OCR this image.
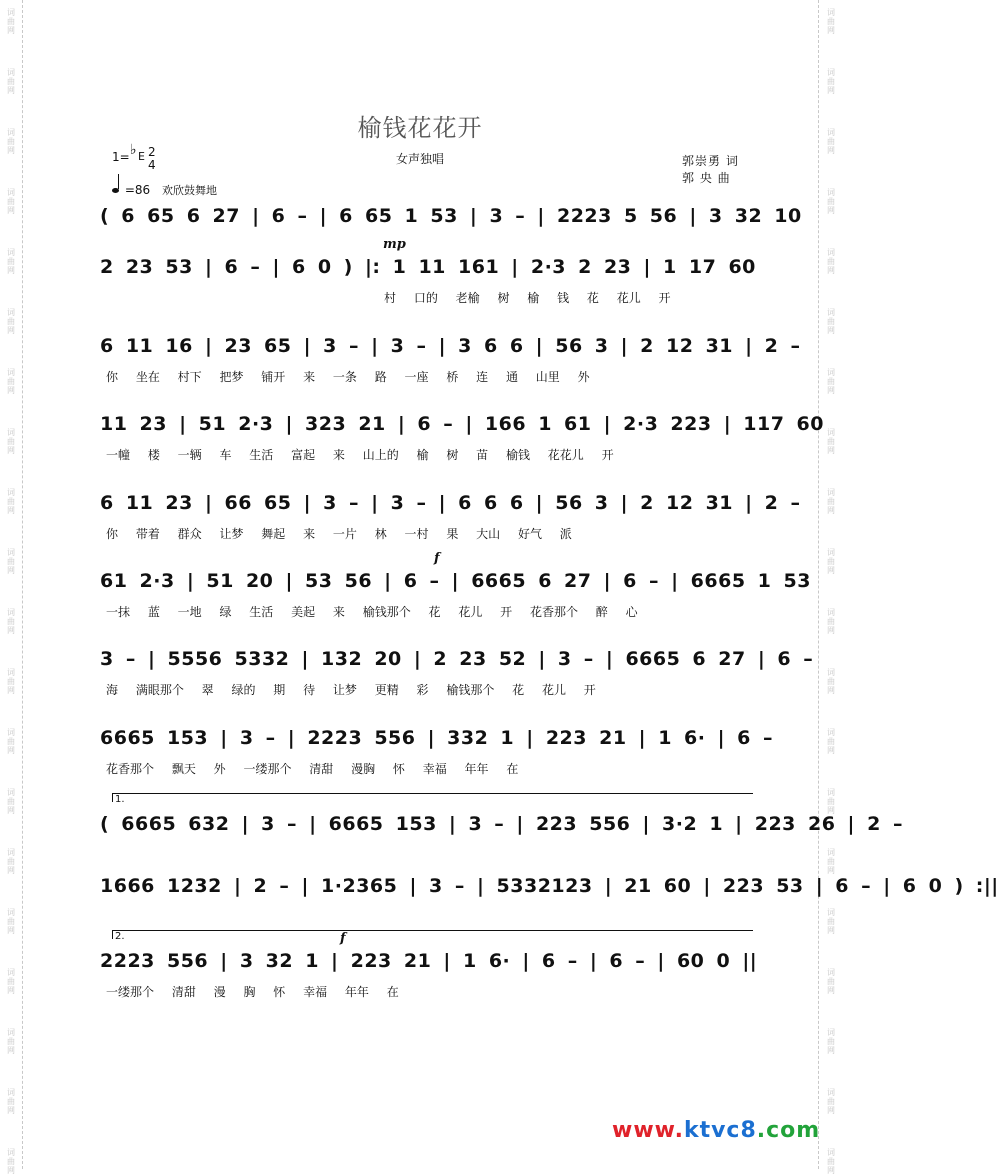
词
曲
网
词
曲
网
词
曲
网
词
曲
网
词
曲
网
词
曲
网
词
曲
网
词
曲
网
词
曲
网
词
曲
网
词
曲
网
词
曲
网
词
曲
网
词
曲
网
词
曲
网
词
曲
网
词
曲
网
词
曲
网
词
曲
网
词
曲
网
词
曲
网
词
曲
网
词
曲
网
词
曲
网
词
曲
网
词
曲
网
词
曲
网
词
曲
网
词
曲
网
词
曲
网
词
曲
网
词
曲
网
词
曲
网
词
曲
网
词
曲
网
词
曲
网
词
曲
网
词
曲
网
词
曲
网
词
曲
网
榆钱花花开
女声独唱	郭崇勇 词
郭 央 曲
1= ♭ E 2
4
=86 欢欣鼓舞地
( 6 65 6 27 | 6 – | 6 65 1 53 | 3 – | 2223 5 56 | 3 32 10
mp
2 23 53 | 6 – | 6 0 ) |: 1 11 161 | 2·3 2 23 | 1 17 60
村 口的 老榆 树 榆 钱 花 花儿 开
6 11 16 | 23 65 | 3 – | 3 – | 3 6 6 | 56 3 | 2 12 31 | 2 –
你 坐在 村下 把梦 铺开 来 一条 路 一座 桥 连 通 山里 外
11 23 | 51 2·3 | 323 21 | 6 – | 166 1 61 | 2·3 223 | 117 60
一幢 楼 一辆 车 生活 富起 来 山上的 榆 树 苗 榆钱 花花儿 开
6 11 23 | 66 65 | 3 – | 3 – | 6 6 6 | 56 3 | 2 12 31 | 2 –
你 带着 群众 让梦 舞起 来 一片 林 一村 果 大山 好气 派
f
61 2·3 | 51 20 | 53 56 | 6 – | 6665 6 27 | 6 – | 6665 1 53
一抹 蓝 一地 绿 生活 美起 来 榆钱那个 花 花儿 开 花香那个 醉 心
3 – | 5556 5332 | 132 20 | 2 23 52 | 3 – | 6665 6 27 | 6 –
海 满眼那个 翠 绿的 期 待 让梦 更精 彩 榆钱那个 花 花儿 开
6665 153 | 3 – | 2223 556 | 332 1 | 223 21 | 1 6· | 6 –
花香那个 飘天 外 一缕那个 清甜 漫胸 怀 幸福 年年 在
1.
( 6665 632 | 3 – | 6665 153 | 3 – | 223 556 | 3·2 1 | 223 26 | 2 –
1666 1232 | 2 – | 1·2365 | 3 – | 5332123 | 21 60 | 223 53 | 6 – | 6 0 ) :||
2.	f
2223 556 | 3 32 1 | 223 21 | 1 6· | 6 – | 6 – | 60 0 ||
一缕那个 清甜 漫 胸 怀 幸福 年年 在
www.ktvc8.com
